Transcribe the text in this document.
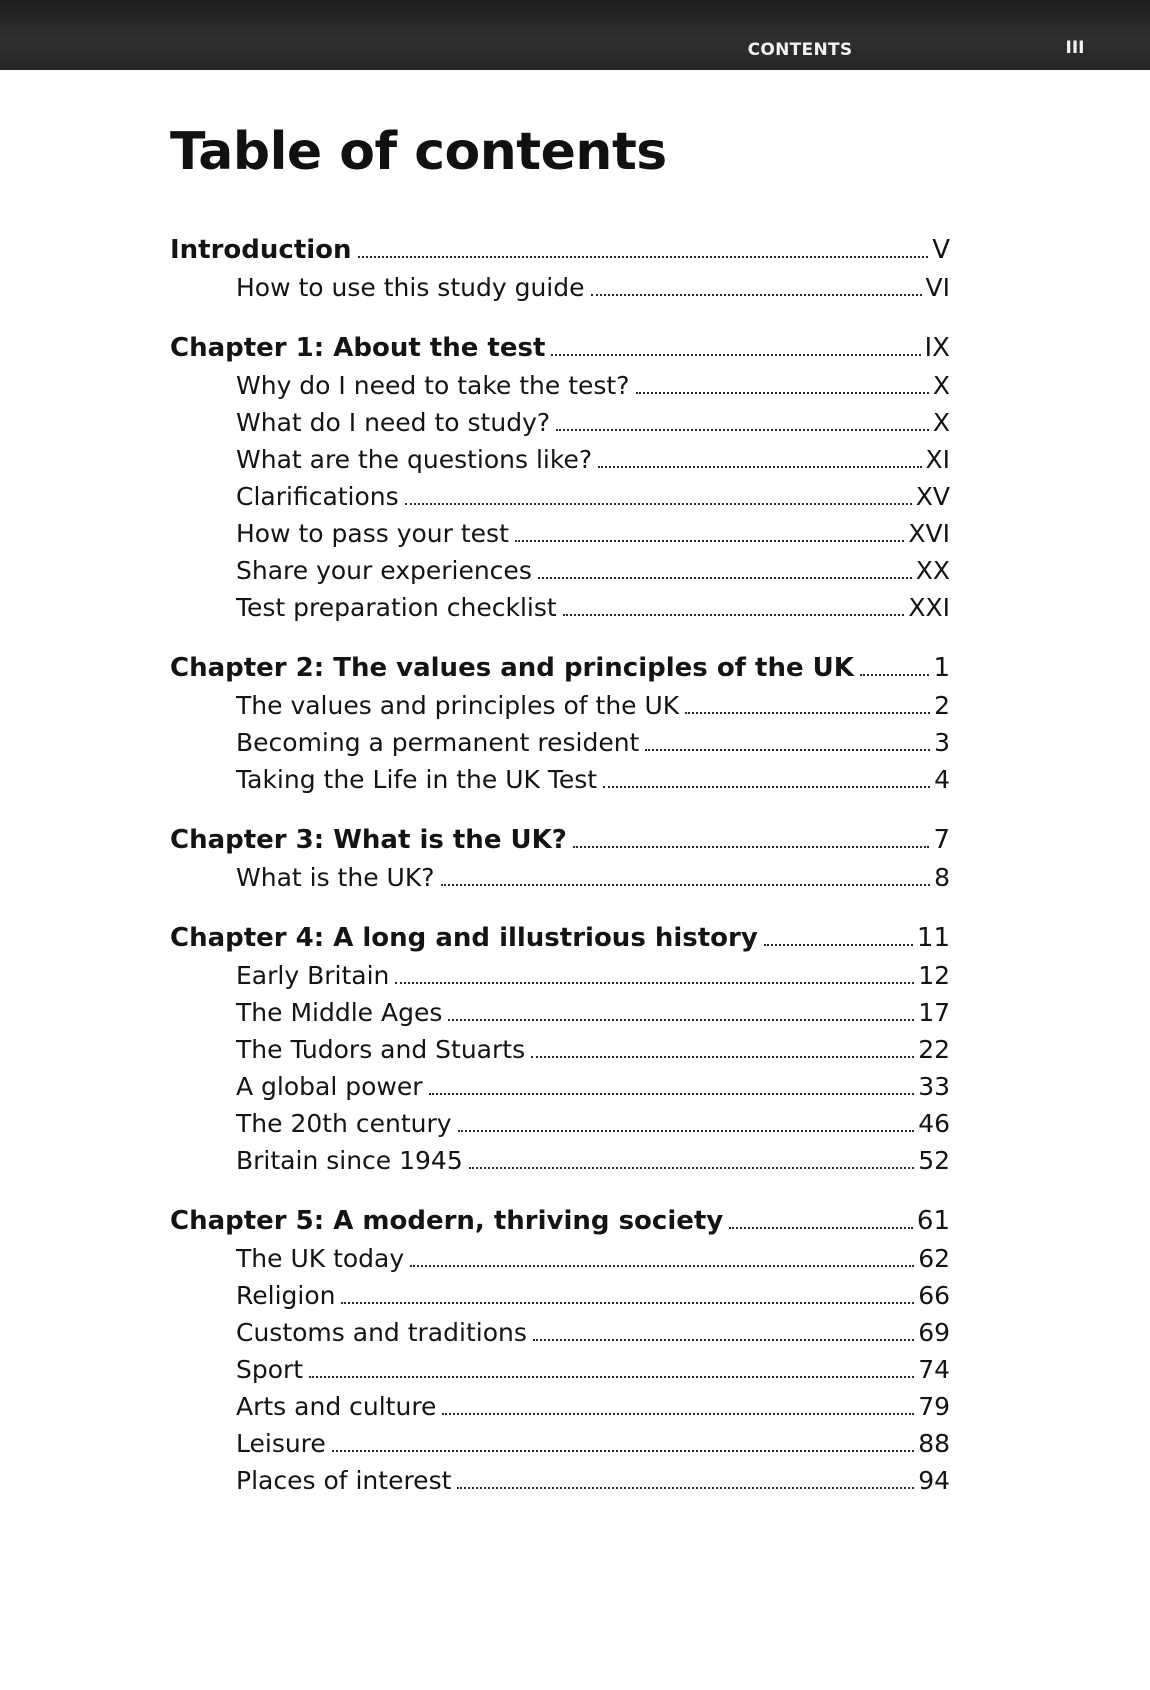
CONTENTS	III
Table of contents
Introduction	V
How to use this study guide	VI
Chapter 1: About the test	IX
Why do I need to take the test?	X
What do I need to study?	X
What are the questions like?	XI
Clarifications	XV
How to pass your test	XVI
Share your experiences	XX
Test preparation checklist	XXI
Chapter 2: The values and principles of the UK	1
The values and principles of the UK	2
Becoming a permanent resident	3
Taking the Life in the UK Test	4
Chapter 3: What is the UK?	7
What is the UK?	8
Chapter 4: A long and illustrious history	11
Early Britain	12
The Middle Ages	17
The Tudors and Stuarts	22
A global power	33
The 20th century	46
Britain since 1945	52
Chapter 5: A modern, thriving society	61
The UK today	62
Religion	66
Customs and traditions	69
Sport	74
Arts and culture	79
Leisure	88
Places of interest	94
